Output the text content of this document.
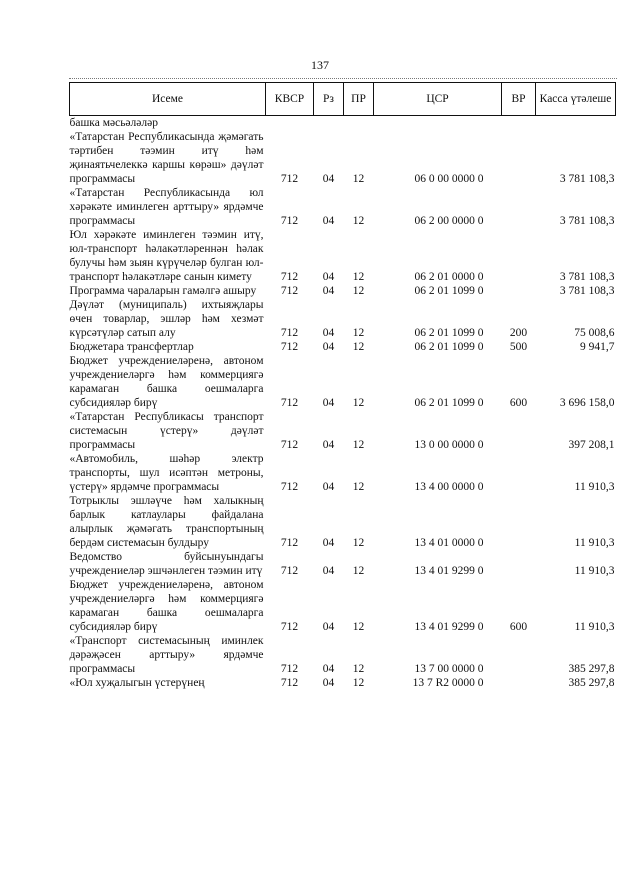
137
Исеме	КВСР	Рз	ПР	ЦСР	ВР	Касса үтәлеше
башка мәсьәләләр						
«Татарстан Республикасында җәмәгать тәртибен тәэмин итү һәм җинаятьчелеккә каршы көрәш» дәүләт программасы	712	04	12	06 0 00 0000 0		3 781 108,3
«Татарстан Республикасында юл хәрәкәте иминлеген арттыру» ярдәмче программасы	712	04	12	06 2 00 0000 0		3 781 108,3
Юл хәрәкәте иминлеген тәэмин итү, юл-транспорт һәлакәтләреннән һәлак булучы һәм зыян күрүчеләр булган юл-транспорт һәлакәтләре санын кимету	712	04	12	06 2 01 0000 0		3 781 108,3
Программа чараларын гамәлгә ашыру	712	04	12	06 2 01 1099 0		3 781 108,3
Дәүләт (муниципаль) ихтыяҗлары өчен товарлар, эшләр һәм хезмәт күрсәтүләр сатып алу	712	04	12	06 2 01 1099 0	200	75 008,6
Бюджетара трансфертлар	712	04	12	06 2 01 1099 0	500	9 941,7
Бюджет учреждениеләренә, автоном учреждениеләргә һәм коммерциягә карамаган башка оешмаларга субсидияләр бирү	712	04	12	06 2 01 1099 0	600	3 696 158,0
«Татарстан Республикасы транспорт системасын үстерү» дәүләт программасы	712	04	12	13 0 00 0000 0		397 208,1
«Автомобиль, шәһәр электр транспорты, шул исәптән метроны, үстерү» ярдәмче программасы	712	04	12	13 4 00 0000 0		11 910,3
Тотрыклы эшләүче һәм халыкның барлык катлаулары файдалана алырлык җәмәгать транспортының бердәм системасын булдыру	712	04	12	13 4 01 0000 0		11 910,3
Ведомство буйсынуындагы учреждениеләр эшчәнлеген тәэмин итү	712	04	12	13 4 01 9299 0		11 910,3
Бюджет учреждениеләренә, автоном учреждениеләргә һәм коммерциягә карамаган башка оешмаларга субсидияләр бирү	712	04	12	13 4 01 9299 0	600	11 910,3
«Транспорт системасының иминлек дәрәҗәсен арттыру» ярдәмче программасы	712	04	12	13 7 00 0000 0		385 297,8
«Юл хуҗалыгын үстерүнең	712	04	12	13 7 R2 0000 0		385 297,8
